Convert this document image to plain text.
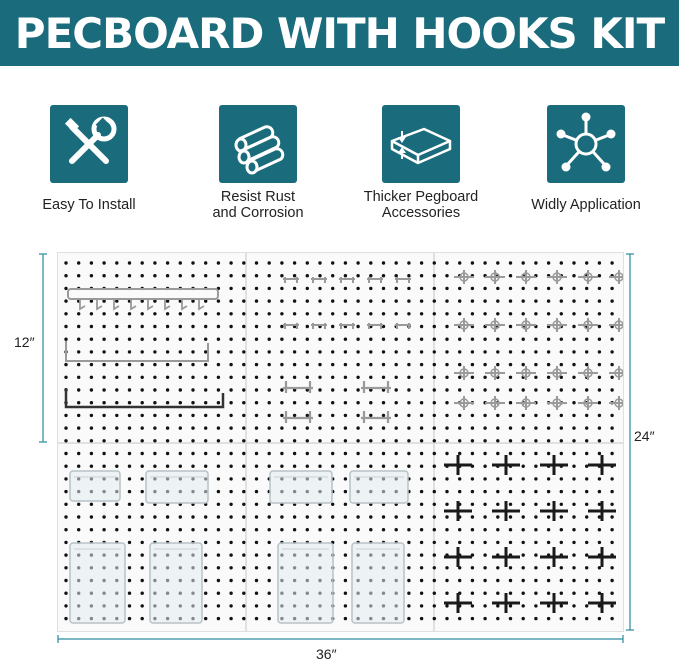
PECBOARD WITH HOOKS KIT
Easy To Install	Resist Rust
and Corrosion
Thicker Pegboard
Accessories	Widly Application
12″
24″
36″
